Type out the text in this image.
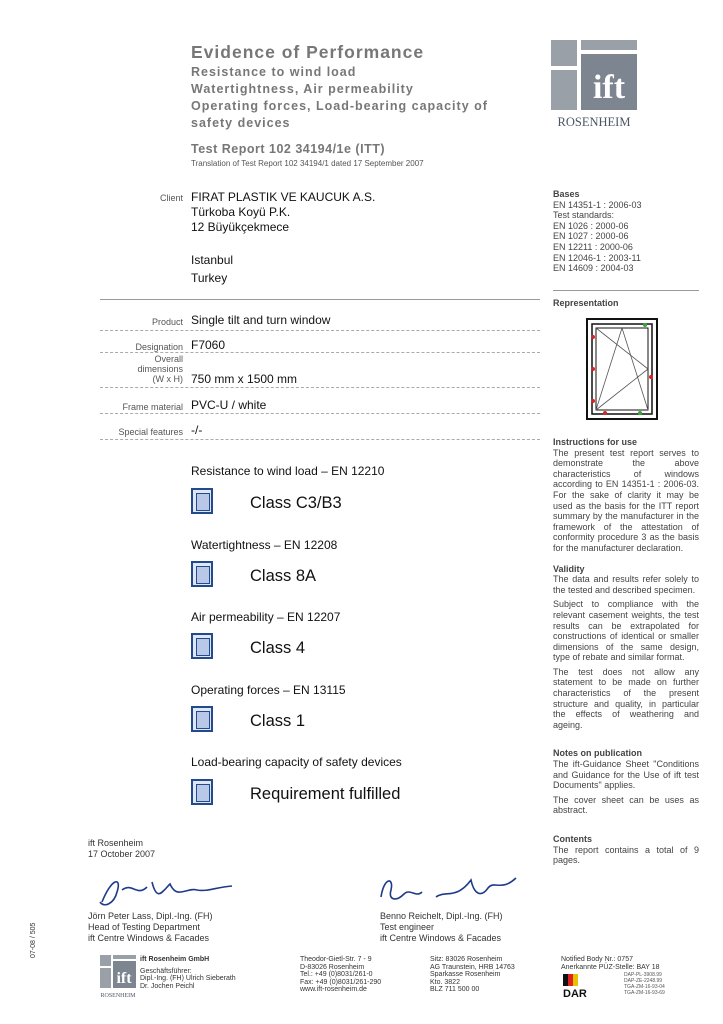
Evidence of Performance
Resistance to wind load
Watertightness, Air permeability
Operating forces, Load-bearing capacity of
safety devices
Test Report 102 34194/1e (ITT)
Translation of Test Report 102 34194/1 dated 17 September 2007
ift
ROSENHEIM
Client FIRAT PLASTIK VE KAUCUK A.S.
Türkoba Koyü P.K.
12 Büyükçekmece
Istanbul
Turkey
Product Single tilt and turn window
Designation F7060
Overall
dimensions
(W x H) 750 mm x 1500 mm
Frame material PVC-U / white
Special features -/-
Resistance to wind load – EN 12210
Class C3/B3
Watertightness – EN 12208
Class 8A
Air permeability – EN 12207
Class 4
Operating forces – EN 13115
Class 1
Load-bearing capacity of safety devices
Requirement fulfilled
ift Rosenheim
17 October 2007
Jörn Peter Lass, Dipl.-Ing. (FH)
Head of Testing Department
ift Centre Windows & Facades
Benno Reichelt, Dipl.-Ing. (FH)
Test engineer
ift Centre Windows & Facades
Bases
EN 14351-1 : 2006-03
Test standards:
EN 1026 : 2000-06
EN 1027 : 2000-06
EN 12211 : 2000-06
EN 12046-1 : 2003-11
EN 14609 : 2004-03
Representation
Instructions for use

The present test report serves to demonstrate the above characteristics of windows according to EN 14351-1 : 2006-03. For the sake of clarity it may be used as the basis for the ITT report summary by the manufacturer in the framework of the attestation of conformity procedure 3 as the basis for the manufacturer declaration.

Validity

The data and results refer solely to the tested and described specimen.

Subject to compliance with the relevant casement weights, the test results can be extrapolated for constructions of identical or smaller dimensions of the same design, type of rebate and similar format.

The test does not allow any statement to be made on further characteristics of the present structure and quality, in particular the effects of weathering and ageing.

Notes on publication

The ift-Guidance Sheet "Conditions and Guidance for the Use of ift test Documents" applies.

The cover sheet can be uses as abstract.

Contents

The report contains a total of 9 pages.

07-08 / 505
ift
ROSENHEIM
ift Rosenheim GmbH
Geschäftsführer:
Dipl.-Ing. (FH) Ulrich Sieberath
Dr. Jochen Peichl
Theodor-Gietl-Str. 7 - 9
D-83026 Rosenheim
Tel.: +49 (0)8031/261-0
Fax: +49 (0)8031/261-290
www.ift-rosenheim.de
Sitz: 83026 Rosenheim
AG Traunstein, HRB 14763
Sparkasse Rosenheim
Kto. 3822
BLZ 711 500 00
Notified Body Nr.: 0757
Anerkannte PÜZ-Stelle: BAY 18
DAR
DAP-PL-3908.99
DAP-ZE-2248.99
TGA-ZM-16-93-04
TGA-ZM-16-93-69
